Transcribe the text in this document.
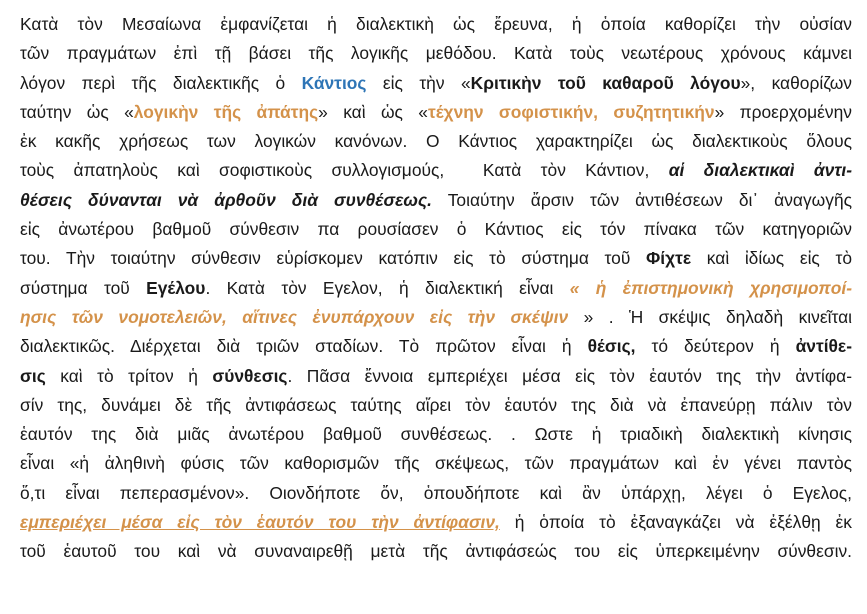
Κατὰ τὸν Μεσαίωνα ἐμφανίζεται ἡ διαλεκτικὴ ὡς ἔρευνα, ἡ ὁποία καθορίζει τὴν οὐσίαν
τῶν πραγμάτων ἐπὶ τῇ βάσει τῆς λογικῆς μεθόδου. Κατὰ τοὺς νεωτέρους χρόνους κάμνει
λόγον περὶ τῆς διαλεκτικῆς ὁ Κάντιος εἰς τὴν «Κριτικὴν τοῦ καθαροῦ λόγου», καθορίζων
ταύτην ὡς «λογικὴν τῆς ἀπάτης» καὶ ὡς «τέχνην σοφιστικήν, συζητητικήν» προερχομένην
ἐκ κακῆς χρήσεως των λογικών κανόνων. Ο Κάντιος χαρακτηρίζει ὡς διαλεκτικοὺς ὅλους
τοὺς ἀπατηλοὺς καὶ σοφιστικοὺς συλλογισμούς,  Κατὰ τὸν Κάντιον, αἱ διαλεκτικαὶ ἀντι-
θέσεις δύνανται νὰ ἀρθοῦν διὰ συνθέσεως. Τοιαύτην ἄρσιν τῶν ἀντιθέσεων δι᾿ ἀναγωγῆς
εἰς ἀνωτέρου βαθμοῦ σύνθεσιν πα ρουσίασεν ὁ Κάντιος εἰς τόν πίνακα τῶν κατηγοριῶν
του. Τὴν τοιαύτην σύνθεσιν εὑρίσκομεν κατόπιν εἰς τὸ σύστημα τοῦ Φίχτε καὶ ἰδίως εἰς τὸ
σύστημα τοῦ Εγέλου. Κατὰ τὸν Εγελον, ἡ διαλεκτική εἶναι « ἡ ἐπιστημονικὴ χρησιμοποί-
ησις τῶν νομοτελειῶν, αἵτινες ἐνυπάρχουν εἰς τὴν σκέψιν » . Ἡ σκέψις δηλαδὴ κινεῖται
διαλεκτικῶς. Διέρχεται διὰ τριῶν σταδίων. Τὸ πρῶτον εἶναι ἡ θέσις, τό δεύτερον ἡ ἀντίθε-
σις καὶ τὸ τρίτον ἡ σύνθεσις. Πᾶσα ἔννοια εμπεριέχει μέσα εἰς τὸν ἑαυτόν της τὴν ἀντίφα-
σίν της, δυνάμει δὲ τῆς ἀντιφάσεως ταύτης αἴρει τὸν ἑαυτόν της διὰ νὰ ἐπανεύρῃ πάλιν τὸν
ἑαυτόν της διὰ μιᾶς ἀνωτέρου βαθμοῦ συνθέσεως. . Ωστε ἡ τριαδικὴ διαλεκτικὴ κίνησις
εἶναι «ἡ ἀληθινὴ φύσις τῶν καθορισμῶν τῆς σκέψεως, τῶν πραγμάτων καὶ ἐν γένει παντὸς
ὅ,τι εἶναι πεπερασμένον». Οιονδήποτε ὄν, ὁπουδήποτε καὶ ἂν ὑπάρχῃ, λέγει ὁ Εγελος,
εμπεριέχει μέσα εἰς τὸν ἑαυτόν του τὴν ἀντίφασιν, ἡ ὁποία τὸ ἐξαναγκάζει νὰ ἐξέλθῃ ἐκ
τοῦ ἑαυτοῦ του καὶ νὰ συναναιρεθῇ μετὰ τῆς ἀντιφάσεώς του εἰς ὑπερκειμένην σύνθεσιν.
